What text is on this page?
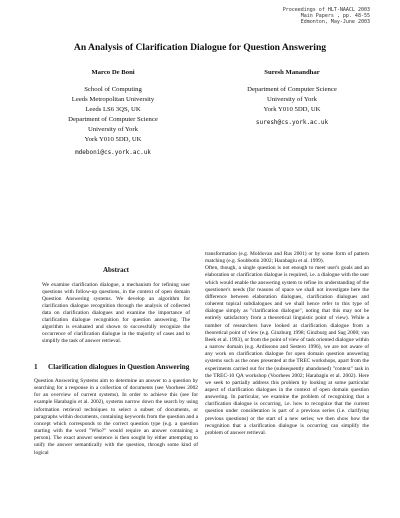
Proceedings of HLT-NAACL 2003
Main Papers , pp. 48-55
Edmonton, May-June 2003
An Analysis of Clarification Dialogue for Question Answering
Marco De Boni
School of Computing
Leeds Metropolitan University
Leeds LS6 3QS, UK
Department of Computer Science
University of York
York Y010 5DD, UK
mdeboni@cs.york.ac.uk
Suresh Manandhar
Department of Computer Science
University of York
York Y010 5DD, UK
suresh@cs.york.ac.uk
Abstract

We examine clarification dialogue, a mechanism for refining user questions with follow-up questions, in the context of open domain Question Answering systems. We develop an algorithm for clarification dialogue recognition through the analysis of collected data on clarification dialogues and examine the importance of clarification dialogue recognition for question answering. The algorithm is evaluated and shown to successfully recognize the occurrence of clarification dialogue in the majority of cases and to simplify the task of answer retrieval.

1	Clarification dialogues in Question Answering

Question Answering Systems aim to determine an answer to a question by searching for a response in a collection of documents (see Voorhees 2002 for an overview of current systems). In order to achieve this (see for example Harabagiu et al. 2002), systems narrow down the search by using information retrieval techniques to select a subset of documents, or paragraphs within documents, containing keywords from the question and a concept which corresponds to the correct question type (e.g. a question starting with the word "Who?" would require an answer containing a person). The exact answer sentence is then sought by either attempting to unify the answer semantically with the question, through some kind of logical

transformation (e.g. Moldovan and Rus 2001) or by some form of pattern matching (e.g. Soubbotin 2002; Harabagiu et al. 1999).

Often, though, a single question is not enough to meet user's goals and an elaboration or clarification dialogue is required, i.e. a dialogue with the user which would enable the answering system to refine its understanding of the questioner's needs (for reasons of space we shall not investigate here the difference between elaboration dialogues, clarification dialogues and coherent topical subdialogues and we shall hence refer to this type of dialogue simply as "clarification dialogue", noting that this may not be entirely satisfactory from a theoretical linguistic point of view). While a number of researchers have looked at clarification dialogue from a theoretical point of view (e.g. Ginzburg 1998; Ginzburg and Sag 2000; van Beek et al. 1993), or from the point of view of task oriented dialogue within a narrow domain (e.g. Ardissono and Sestero 1996), we are not aware of any work on clarification dialogue for open domain question answering systems such as the ones presented at the TREC workshops, apart from the experiments carried out for the (subsequently abandoned) "context" task in the TREC-10 QA workshop (Voorhees 2002; Harabagiu et al. 2002). Here we seek to partially address this problem by looking at some particular aspect of clarification dialogues in the context of open domain question answering. In particular, we examine the problem of recognizing that a clarification dialogue is occurring, i.e. how to recognize that the current question under consideration is part of a previous series (i.e. clarifying previous questions) or the start of a new series; we then show how the recognition that a clarification dialogue is occurring can simplify the problem of answer retrieval.
